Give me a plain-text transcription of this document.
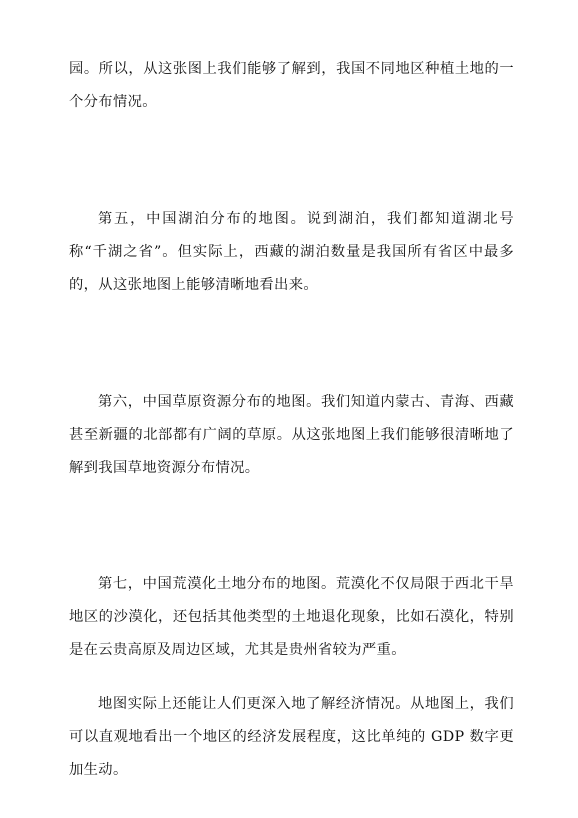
园。所以，从这张图上我们能够了解到，我国不同地区种植土地的一个分布情况。

第五，中国湖泊分布的地图。说到湖泊，我们都知道湖北号称“千湖之省”。但实际上，西藏的湖泊数量是我国所有省区中最多的，从这张地图上能够清晰地看出来。

第六，中国草原资源分布的地图。我们知道内蒙古、青海、西藏甚至新疆的北部都有广阔的草原。从这张地图上我们能够很清晰地了解到我国草地资源分布情况。

第七，中国荒漠化土地分布的地图。荒漠化不仅局限于西北干旱地区的沙漠化，还包括其他类型的土地退化现象，比如石漠化，特别是在云贵高原及周边区域，尤其是贵州省较为严重。

地图实际上还能让人们更深入地了解经济情况。从地图上，我们可以直观地看出一个地区的经济发展程度，这比单纯的 GDP 数字更加生动。
